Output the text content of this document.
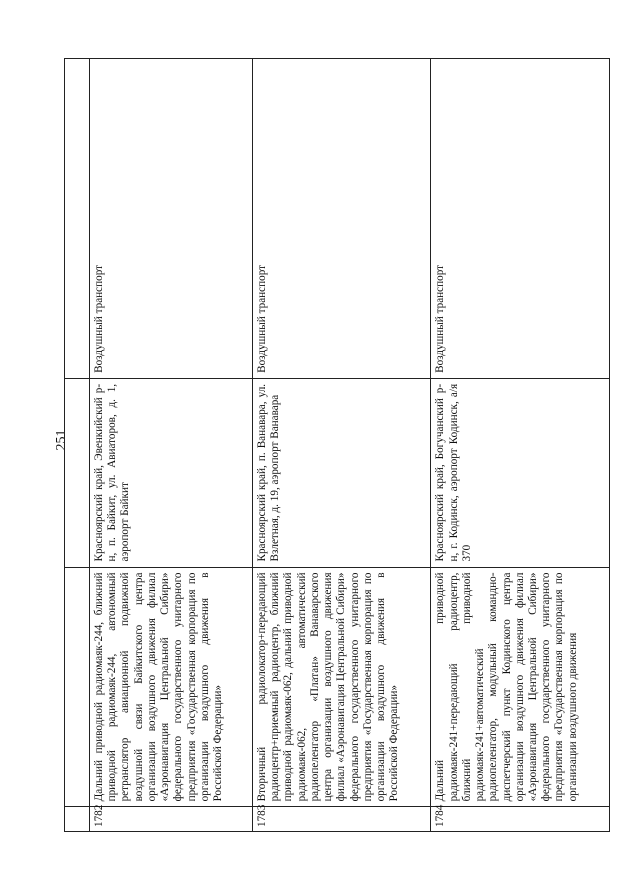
251

1782	Дальний приводной радиомаяк-244, ближний приводной радиомаяк-244, автономный ретранслятор авиационной подвижной воздушной связи Байкитского центра организации воздушного движения филиал «Аэронавигация Центральной Сибири» федерального государственного унитарного предприятия «Государственная корпорация по организации воздушного движения в Российской Федерации»	Красноярский край, Эвенкийский р-н, п. Байкит, ул. Авиаторов, д. 1, аэропорт Байкит	Воздушный транспорт
1783	Вторичный радиолокатор+передающий радиоцентр+приемный радиоцентр, ближний приводной радиомаяк-062, дальний приводной радиомаяк-062, автоматический радиопеленгатор «Платан» Ванаварского центра организации воздушного движения филиал «Аэронавигация Центральной Сибири» федерального государственного унитарного предприятия «Государственная корпорация по организации воздушного движения в Российской Федерации»	Красноярский край, п. Ванавара, ул. Взлетная, д. 19, аэропорт Ванавара	Воздушный транспорт
1784	Дальний приводной радиомаяк-241+передающий радиоцентр, ближний приводной радиомаяк-241+автоматический радиопеленгатор, модульный командно-диспетчерский пункт Кодинского центра организации воздушного движения филиал «Аэронавигация Центральной Сибири» федерального государственного унитарного предприятия «Государственная корпорация по организации воздушного движения	Красноярский край, Богучанский р-н, г. Кодинск, аэропорт Кодинск, а/я 370	Воздушный транспорт
